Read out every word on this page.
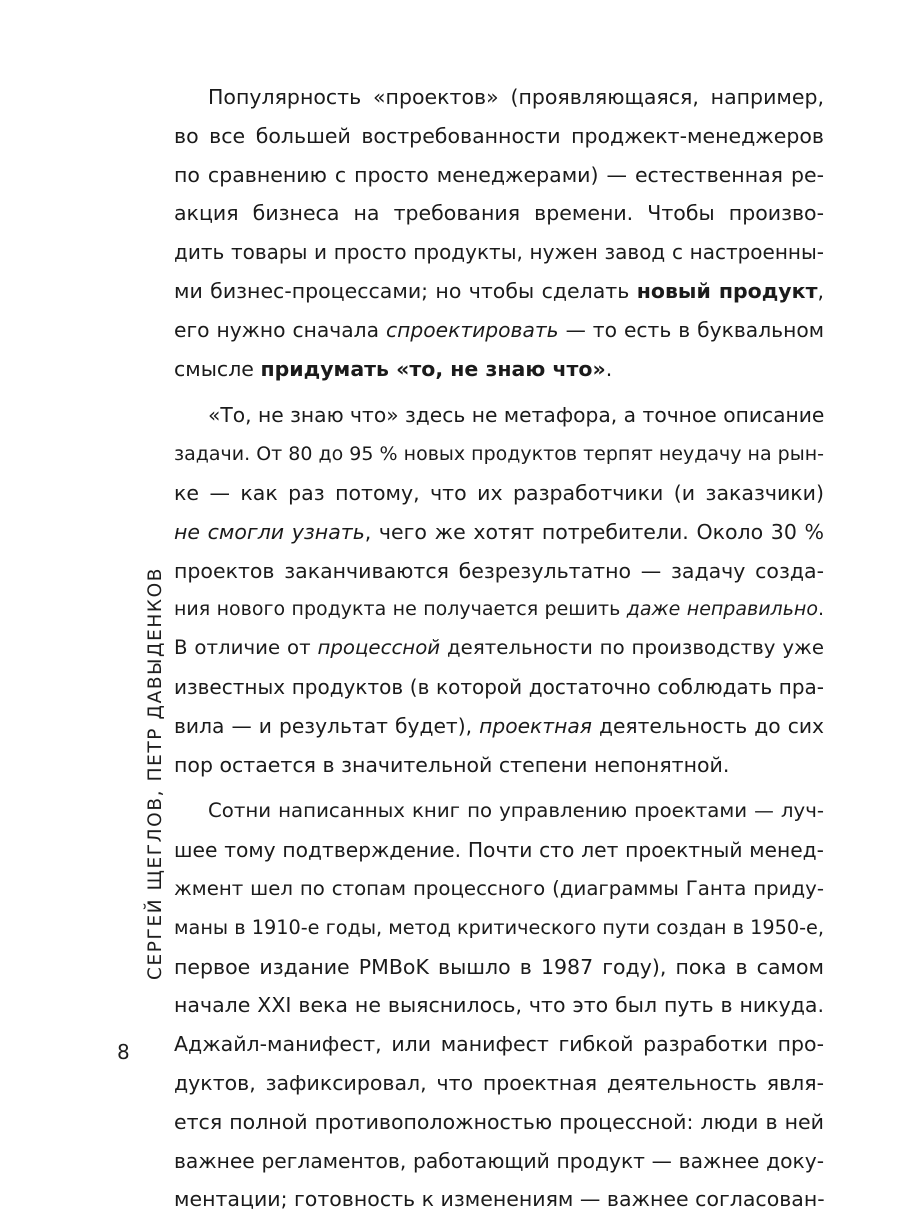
СЕРГЕЙ ЩЕГЛОВ, ПЕТР ДАВЫДЕНКОВ
8
Популярность «проектов» (проявляющаяся, например,
во все большей востребованности проджект-менеджеров
по сравнению с просто менеджерами) — естественная ре-
акция бизнеса на требования времени. Чтобы произво-
дить товары и просто продукты, нужен завод с настроенны-
ми бизнес-процессами; но чтобы сделать новый продукт,
его нужно сначала спроектировать — то есть в буквальном
смысле придумать «то, не знаю что».
«То, не знаю что» здесь не метафора, а точное описание
задачи. От 80 до 95 % новых продуктов терпят неудачу на рын-
ке — как раз потому, что их разработчики (и заказчики)
не смогли узнать, чего же хотят потребители. Около 30 %
проектов заканчиваются безрезультатно — задачу созда-
ния нового продукта не получается решить даже неправильно.
В отличие от процессной деятельности по производству уже
известных продуктов (в которой достаточно соблюдать пра-
вила — и результат будет), проектная деятельность до сих
пор остается в значительной степени непонятной.
Сотни написанных книг по управлению проектами — луч-
шее тому подтверждение. Почти сто лет проектный менед-
жмент шел по стопам процессного (диаграммы Ганта приду-
маны в 1910-е годы, метод критического пути создан в 1950-е,
первое издание PMBoK вышло в 1987 году), пока в самом
начале XXI века не выяснилось, что это был путь в никуда.
Аджайл-манифест, или манифест гибкой разработки про-
дуктов, зафиксировал, что проектная деятельность явля-
ется полной противоположностью процессной: люди в ней
важнее регламентов, работающий продукт — важнее доку-
ментации; готовность к изменениям — важнее согласован-
